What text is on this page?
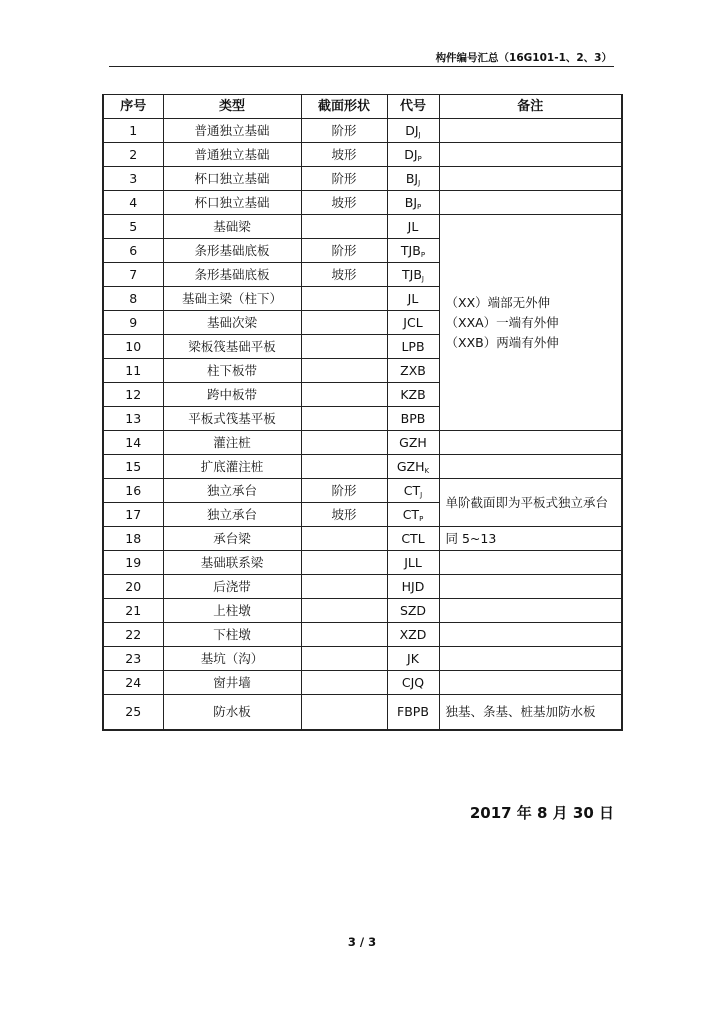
构件编号汇总（16G101-1、2、3）
序号	类型	截面形状	代号	备注
1	普通独立基础	阶形	$DJ_J$	
2	普通独立基础	坡形	$DJ_P$	
3	杯口独立基础	阶形	$BJ_J$	
4	杯口独立基础	坡形	$BJ_P$	
5	基础梁		JL	（XX）端部无外伸
（XXA）一端有外伸
（XXB）两端有外伸

6	条形基础底板	阶形	$TJB_P$
7	条形基础底板	坡形	$TJB_J$
8	基础主梁（柱下）		JL	
9	基础次梁		JCL	
10	梁板筏基础平板		LPB	
11	柱下板带		ZXB	
12	跨中板带		KZB	
13	平板式筏基平板		BPB	
14	灌注桩		GZH	
15	扩底灌注桩		$GZH_K$	
16	独立承台	阶形	$CT_J$	单阶截面即为平板式独立承台
17	独立承台	坡形	$CT_P$
18	承台梁		CTL	同 5~13
19	基础联系梁		JLL	
20	后浇带		HJD	
21	上柱墩		SZD	
22	下柱墩		XZD	
23	基坑（沟）		JK	
24	窗井墙		CJQ	
25	防水板		FBPB	独基、条基、桩基加防水板
2017 年 8 月 30 日
3 / 3
